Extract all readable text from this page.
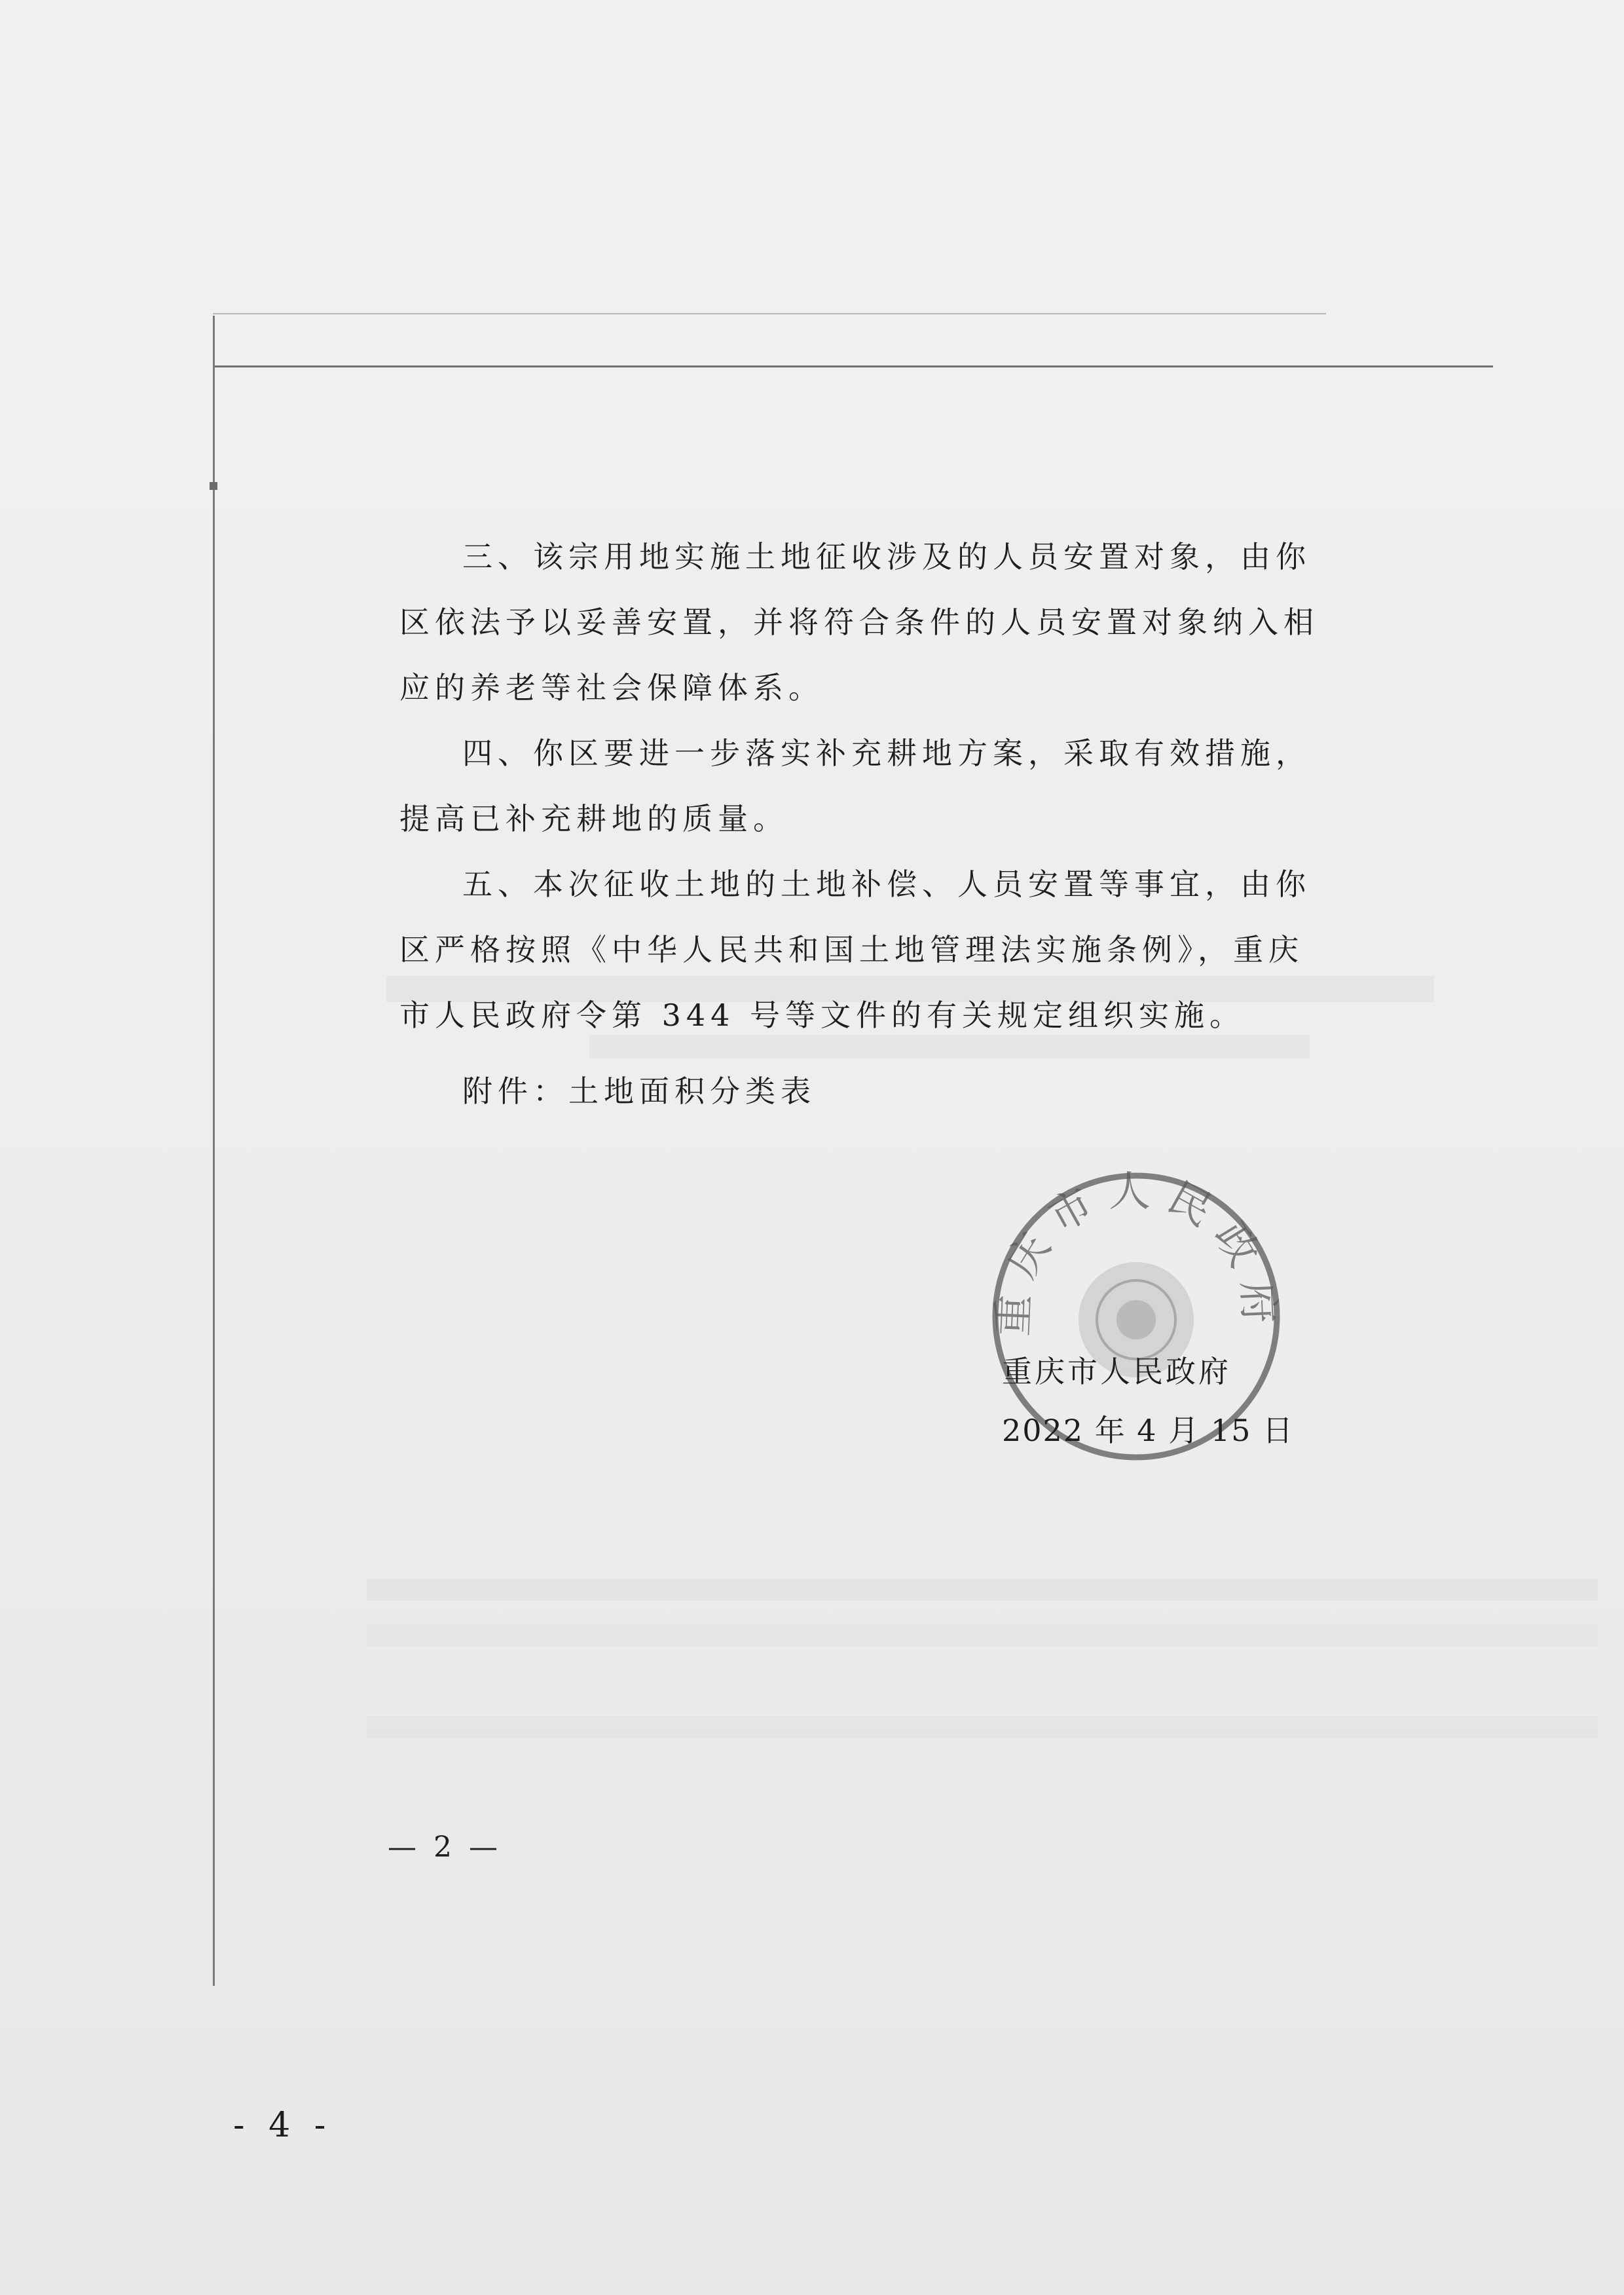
三、该宗用地实施土地征收涉及的人员安置对象，由你区依法予以妥善安置，并将符合条件的人员安置对象纳入相应的养老等社会保障体系。

四、你区要进一步落实补充耕地方案，采取有效措施，提高已补充耕地的质量。

五、本次征收土地的土地补偿、人员安置等事宜，由你区严格按照《中华人民共和国土地管理法实施条例》，重庆市人民政府令第 344 号等文件的有关规定组织实施。

附件：土地面积分类表

重庆市人民政府

重庆市人民政府

2022 年 4 月 15 日

— 2 —

- 4 -
